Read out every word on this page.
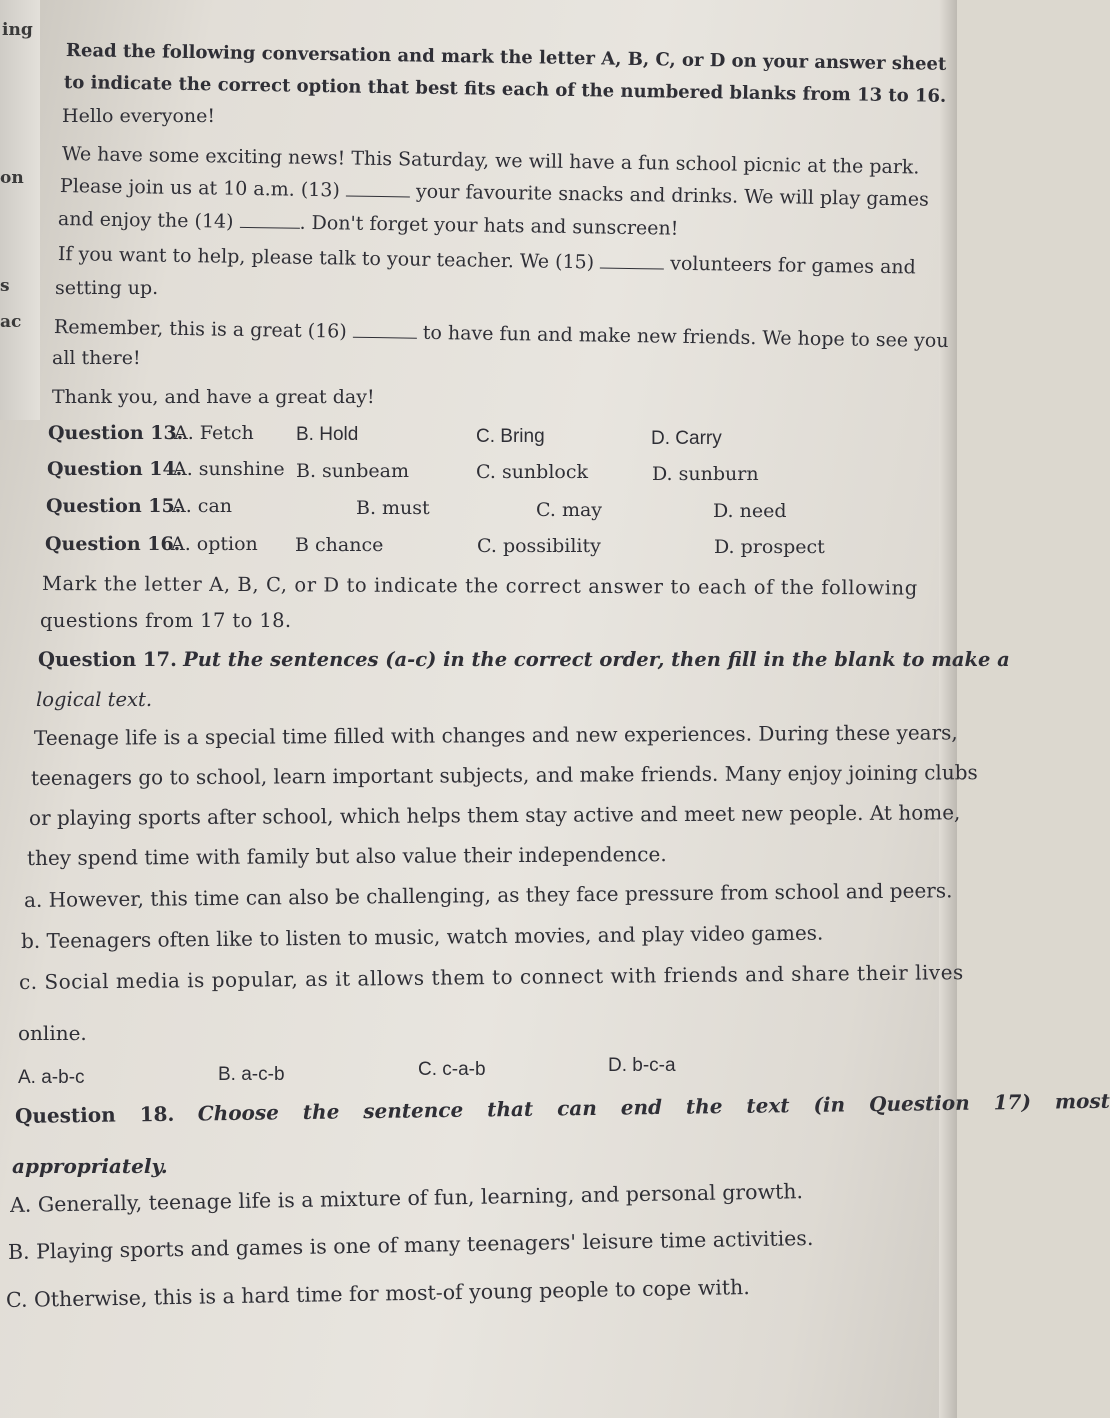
ing
on
s
ac
Read the following conversation and mark the letter A, B, C, or D on your answer sheet
to indicate the correct option that best fits each of the numbered blanks from 13 to 16.
Hello everyone!
We have some exciting news! This Saturday, we will have a fun school picnic at the park.
Please join us at 10 a.m. (13)	your favourite snacks and drinks. We will play games
and enjoy the (14)	. Don't forget your hats and sunscreen!
If you want to help, please talk to your teacher. We (15)	volunteers for games and
setting up.
Remember, this is a great (16)	to have fun and make new friends. We hope to see you
all there!
Thank you, and have a great day!
Question 13.
A. Fetch B. Hold	C. Bring	D. Carry
Question 14.
A. sunshine B. sunbeam	C. sunblock	D. sunburn
Question 15.
A. can	B. must	C. may	D. need
Question 16.
A. option B chance	C. possibility	D. prospect
Mark the letter A, B, C, or D to indicate the correct answer to each of the following
questions from 17 to 18.
Question 17. Put the sentences (a-c) in the correct order, then fill in the blank to make a
logical text.
Teenage life is a special time filled with changes and new experiences. During these years,
teenagers go to school, learn important subjects, and make friends. Many enjoy joining clubs
or playing sports after school, which helps them stay active and meet new people. At home,
they spend time with family but also value their independence.
a. However, this time can also be challenging, as they face pressure from school and peers.
b. Teenagers often like to listen to music, watch movies, and play video games.
c. Social media is popular, as it allows them to connect with friends and share their lives
online.
A. a-b-c	B. a-c-b	C. c-a-b	D. b-c-a
Question 18. Choose the sentence that can end the text (in Question 17) most
appropriately.
A. Generally, teenage life is a mixture of fun, learning, and personal growth.
B. Playing sports and games is one of many teenagers' leisure time activities.
C. Otherwise, this is a hard time for most-of young people to cope with.
